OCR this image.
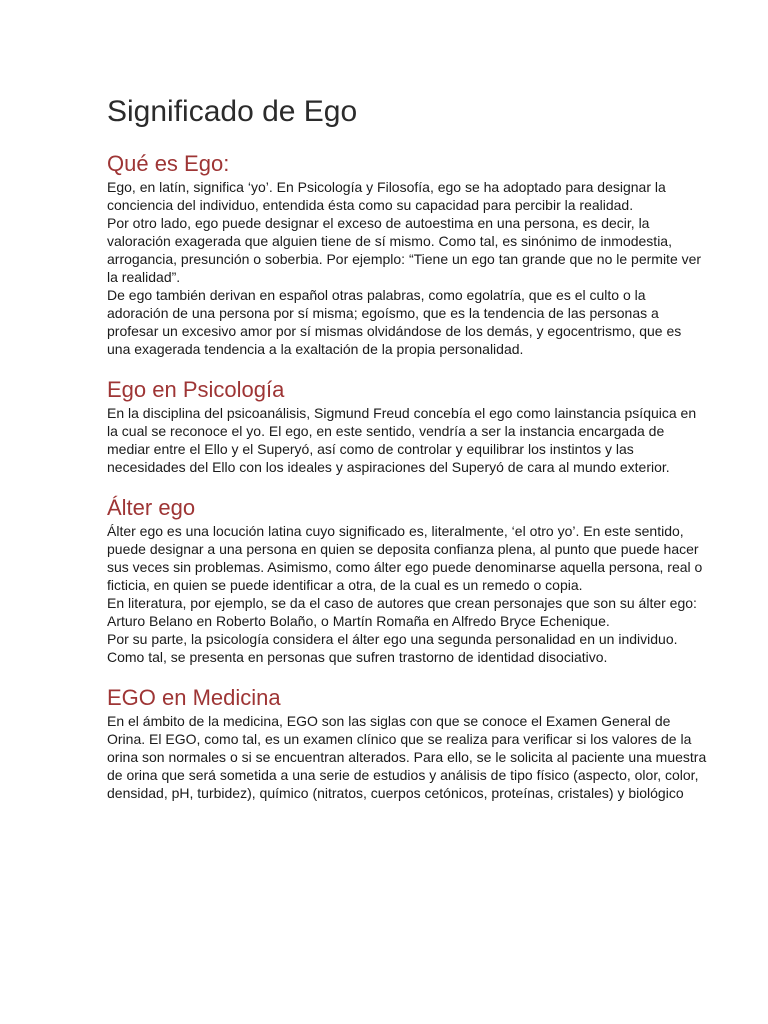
Significado de Ego
Qué es Ego:

Ego, en latín, significa ‘yo’. En Psicología y Filosofía, ego se ha adoptado para designar la conciencia del individuo, entendida ésta como su capacidad para percibir la realidad.

Por otro lado, ego puede designar el exceso de autoestima en una persona, es decir, la valoración exagerada que alguien tiene de sí mismo. Como tal, es sinónimo de inmodestia, arrogancia, presunción o soberbia. Por ejemplo: “Tiene un ego tan grande que no le permite ver la realidad”.

De ego también derivan en español otras palabras, como egolatría, que es el culto o la adoración de una persona por sí misma; egoísmo, que es la tendencia de las personas a profesar un excesivo amor por sí mismas olvidándose de los demás, y egocentrismo, que es una exagerada tendencia a la exaltación de la propia personalidad.

Ego en Psicología

En la disciplina del psicoanálisis, Sigmund Freud concebía el ego como lainstancia psíquica en la cual se reconoce el yo. El ego, en este sentido, vendría a ser la instancia encargada de mediar entre el Ello y el Superyó, así como de controlar y equilibrar los instintos y las necesidades del Ello con los ideales y aspiraciones del Superyó de cara al mundo exterior.

Álter ego

Álter ego es una locución latina cuyo significado es, literalmente, ‘el otro yo’. En este sentido, puede designar a una persona en quien se deposita confianza plena, al punto que puede hacer sus veces sin problemas. Asimismo, como álter ego puede denominarse aquella persona, real o ficticia, en quien se puede identificar a otra, de la cual es un remedo o copia.

En literatura, por ejemplo, se da el caso de autores que crean personajes que son su álter ego: Arturo Belano en Roberto Bolaño, o Martín Romaña en Alfredo Bryce Echenique.

Por su parte, la psicología considera el álter ego una segunda personalidad en un individuo. Como tal, se presenta en personas que sufren trastorno de identidad disociativo.

EGO en Medicina

En el ámbito de la medicina, EGO son las siglas con que se conoce el Examen General de Orina. El EGO, como tal, es un examen clínico que se realiza para verificar si los valores de la orina son normales o si se encuentran alterados. Para ello, se le solicita al paciente una muestra de orina que será sometida a una serie de estudios y análisis de tipo físico (aspecto, olor, color, densidad, pH, turbidez), químico (nitratos, cuerpos cetónicos, proteínas, cristales) y biológico
